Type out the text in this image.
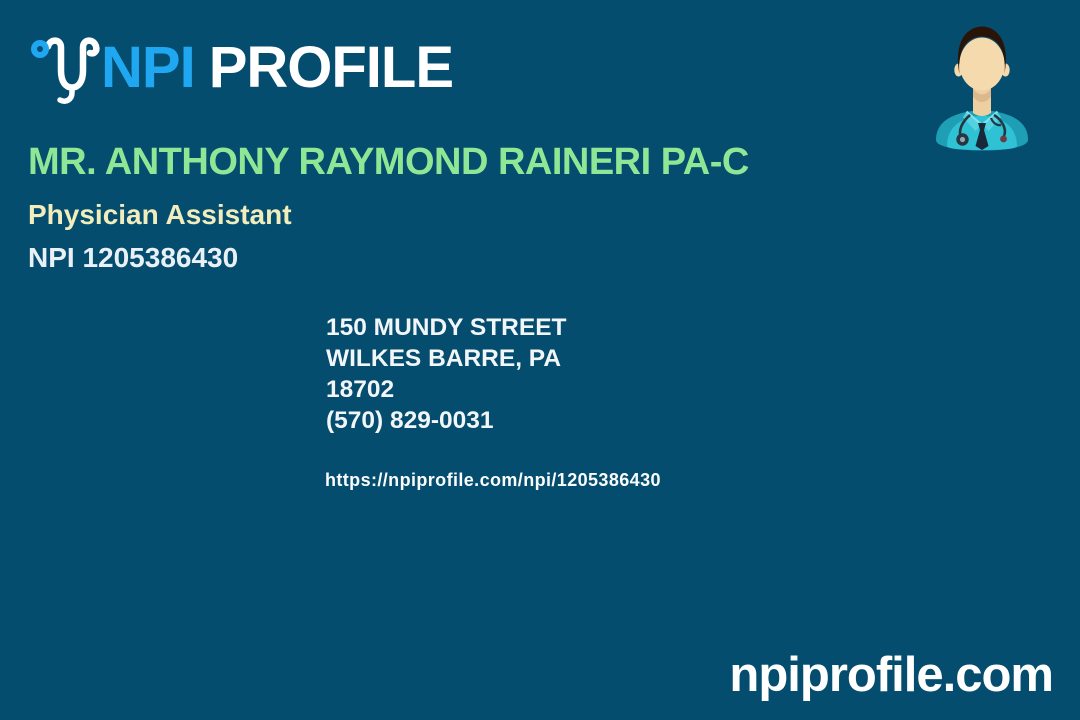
NPI PROFILE
MR. ANTHONY RAYMOND RAINERI PA-C
Physician Assistant
NPI 1205386430
150 MUNDY STREET
WILKES BARRE, PA
18702
(570) 829-0031
https://npiprofile.com/npi/1205386430
npiprofile.com
